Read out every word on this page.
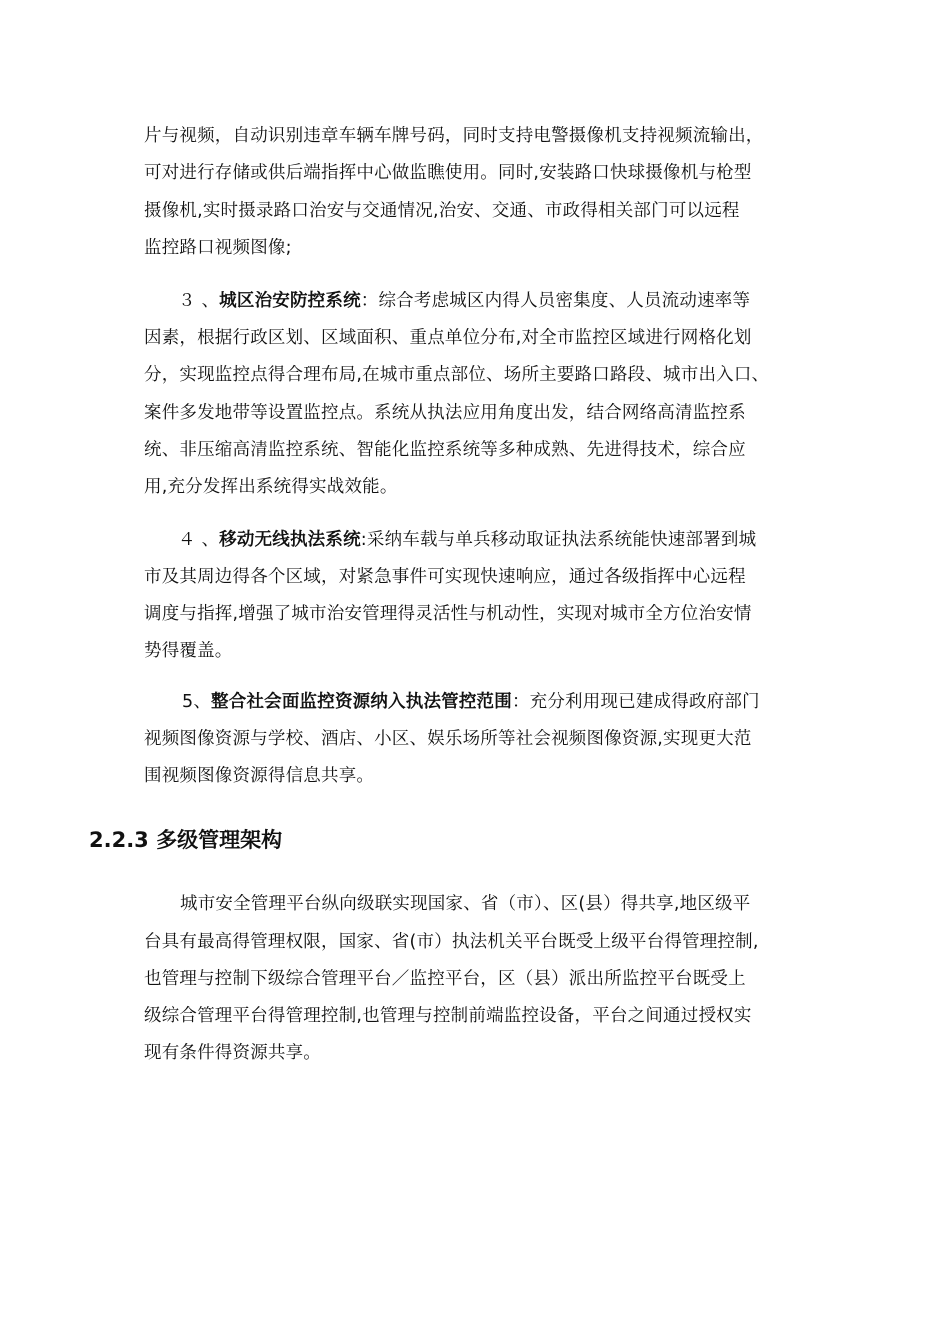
片与视频，自动识别违章车辆车牌号码，同时支持电警摄像机支持视频流输出，
可对进行存储或供后端指挥中心做监瞧使用。同时,安装路口快球摄像机与枪型
摄像机,实时摄录路口治安与交通情况,治安、交通、市政得相关部门可以远程
监控路口视频图像;
３ 、城区治安防控系统：综合考虑城区内得人员密集度、人员流动速率等
因素，根据行政区划、区域面积、重点单位分布,对全市监控区域进行网格化划
分，实现监控点得合理布局,在城市重点部位、场所主要路口路段、城市出入口、
案件多发地带等设置监控点。系统从执法应用角度出发，结合网络高清监控系
统、非压缩高清监控系统、智能化监控系统等多种成熟、先进得技术，综合应
用,充分发挥出系统得实战效能。
４ 、移动无线执法系统:采纳车载与单兵移动取证执法系统能快速部署到城
市及其周边得各个区域，对紧急事件可实现快速响应，通过各级指挥中心远程
调度与指挥,增强了城市治安管理得灵活性与机动性，实现对城市全方位治安情
势得覆盖。
5、整合社会面监控资源纳入执法管控范围：充分利用现已建成得政府部门
视频图像资源与学校、酒店、小区、娱乐场所等社会视频图像资源,实现更大范
围视频图像资源得信息共享。
2.2.3 多级管理架构
城市安全管理平台纵向级联实现国家、省（市）、区(县）得共享,地区级平
台具有最高得管理权限，国家、省(市）执法机关平台既受上级平台得管理控制,
也管理与控制下级综合管理平台／监控平台，区（县）派出所监控平台既受上
级综合管理平台得管理控制,也管理与控制前端监控设备，平台之间通过授权实
现有条件得资源共享。
